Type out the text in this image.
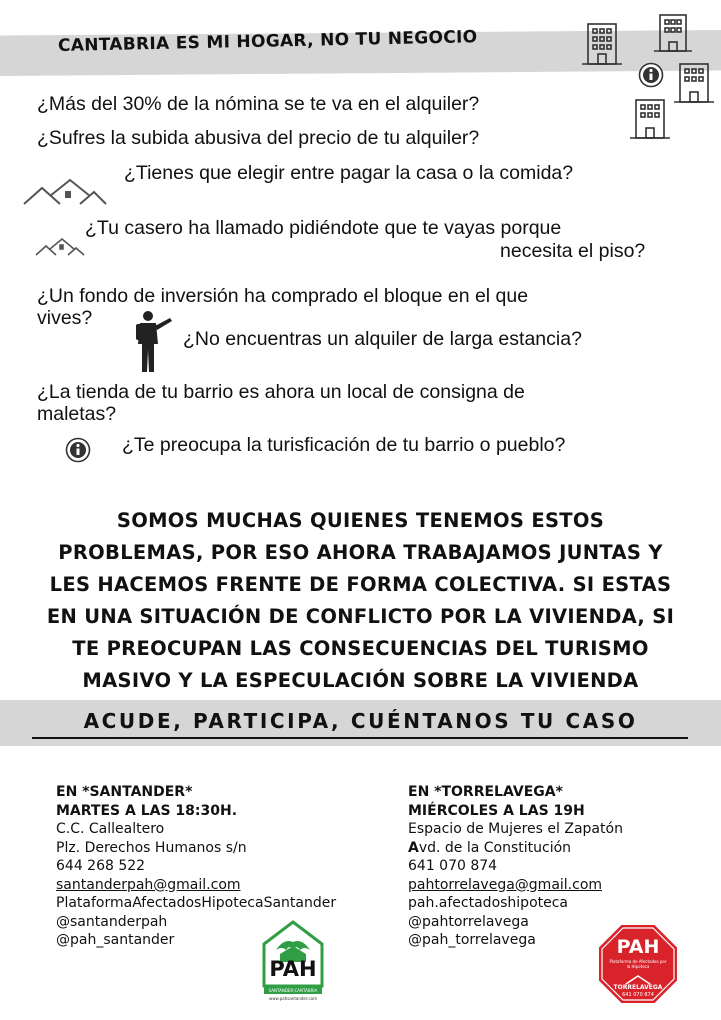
CANTABRIA ES MI HOGAR, NO TU NEGOCIO
¿Más del 30% de la nómina se te va en el alquiler?
¿Sufres la subida abusiva del precio de tu alquiler?
¿Tienes que elegir entre pagar la casa o la comida?
¿Tu casero ha llamado pidiéndote que te vayas porque
necesita el piso?
¿Un fondo de inversión ha comprado el bloque en el que
vives?
¿No encuentras un alquiler de larga estancia?
¿La tienda de tu barrio es ahora un local de consigna de
maletas?
¿Te preocupa la turisficación de tu barrio o pueblo?
SOMOS MUCHAS QUIENES TENEMOS ESTOS
PROBLEMAS, POR ESO AHORA TRABAJAMOS JUNTAS Y
LES HACEMOS FRENTE DE FORMA COLECTIVA. SI ESTAS
EN UNA SITUACIÓN DE CONFLICTO POR LA VIVIENDA, SI
TE PREOCUPAN LAS CONSECUENCIAS DEL TURISMO
MASIVO Y LA ESPECULACIÓN SOBRE LA VIVIENDA
ACUDE, PARTICIPA, CUÉNTANOS TU CASO
EN *SANTANDER*
MARTES A LAS 18:30H.
C.C. Callealtero
Plz. Derechos Humanos s/n
644 268 522
santanderpah@gmail.com
PlataformaAfectadosHipotecaSantander
@santanderpah
@pah_santander
EN *TORRELAVEGA*
MIÉRCOLES A LAS 19H
Espacio de Mujeres el Zapatón
Avd. de la Constitución
641 070 874
pahtorrelavega@gmail.com
pah.afectadoshipoteca
@pahtorrelavega
@pah_torrelavega
PAH
SANTANDER-CANTABRIA
www.pahsantander.com
PAH
Plataforma de Afectados por la Hipoteca
TORRELAVEGA
641 070 874
